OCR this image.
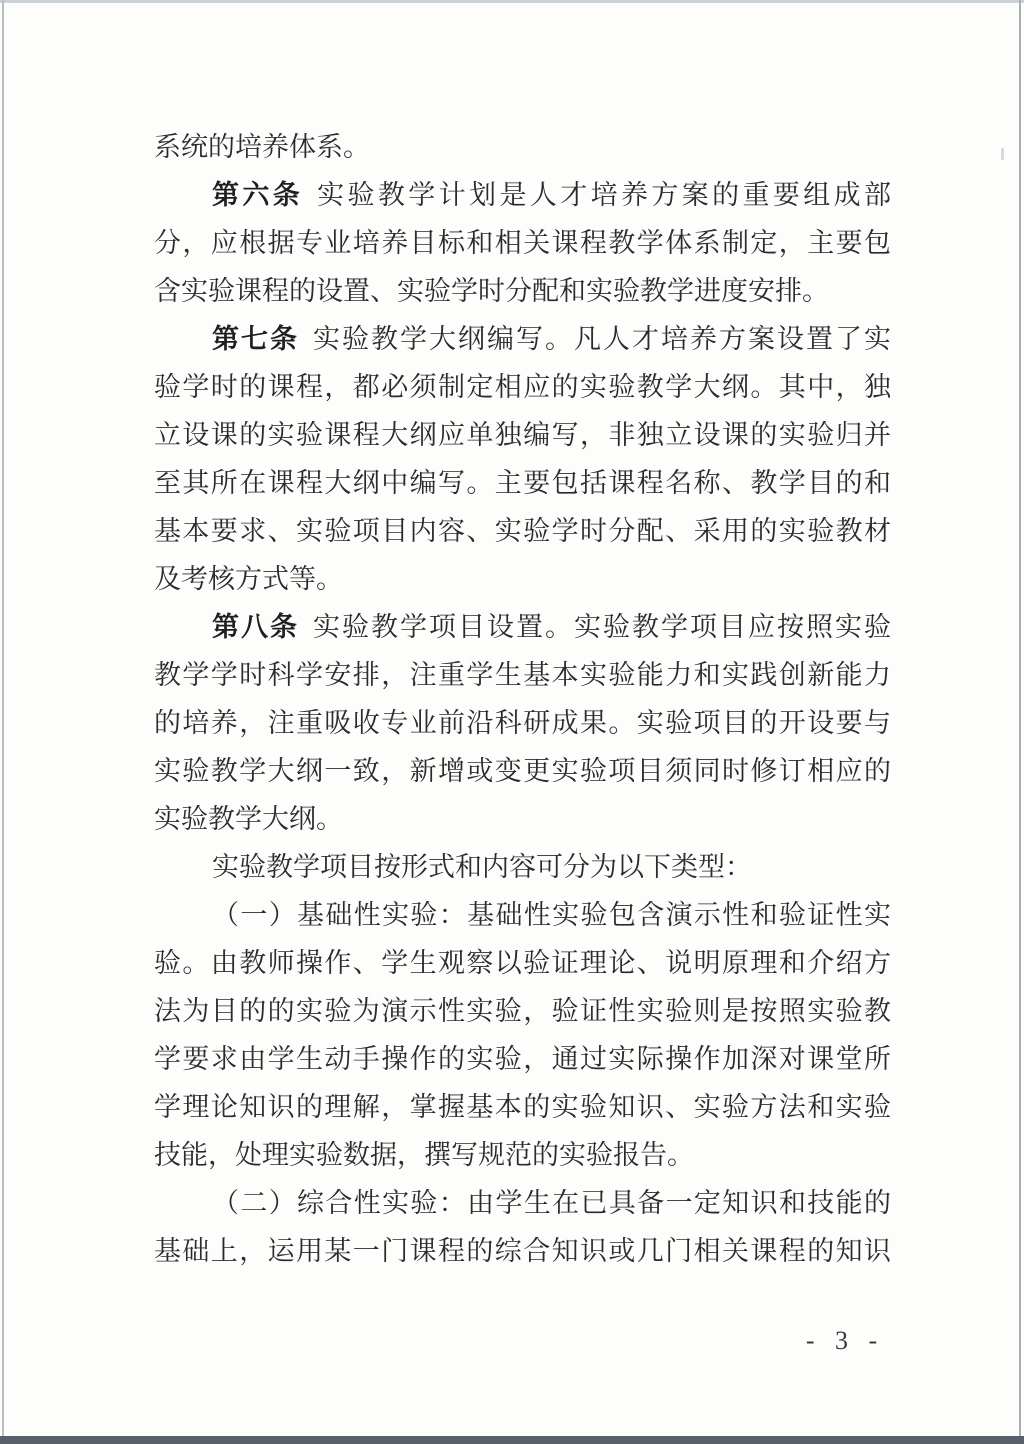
系统的培养体系。
第六条 实验教学计划是人才培养方案的重要组成部
分，应根据专业培养目标和相关课程教学体系制定，主要包
含实验课程的设置、实验学时分配和实验教学进度安排。
第七条 实验教学大纲编写。凡人才培养方案设置了实
验学时的课程，都必须制定相应的实验教学大纲。其中，独
立设课的实验课程大纲应单独编写，非独立设课的实验归并
至其所在课程大纲中编写。主要包括课程名称、教学目的和
基本要求、实验项目内容、实验学时分配、采用的实验教材
及考核方式等。
第八条 实验教学项目设置。实验教学项目应按照实验
教学学时科学安排，注重学生基本实验能力和实践创新能力
的培养，注重吸收专业前沿科研成果。实验项目的开设要与
实验教学大纲一致，新增或变更实验项目须同时修订相应的
实验教学大纲。
实验教学项目按形式和内容可分为以下类型：
（一）基础性实验：基础性实验包含演示性和验证性实
验。由教师操作、学生观察以验证理论、说明原理和介绍方
法为目的的实验为演示性实验，验证性实验则是按照实验教
学要求由学生动手操作的实验，通过实际操作加深对课堂所
学理论知识的理解，掌握基本的实验知识、实验方法和实验
技能，处理实验数据，撰写规范的实验报告。
（二）综合性实验：由学生在已具备一定知识和技能的
基础上，运用某一门课程的综合知识或几门相关课程的知识
- 3 -
